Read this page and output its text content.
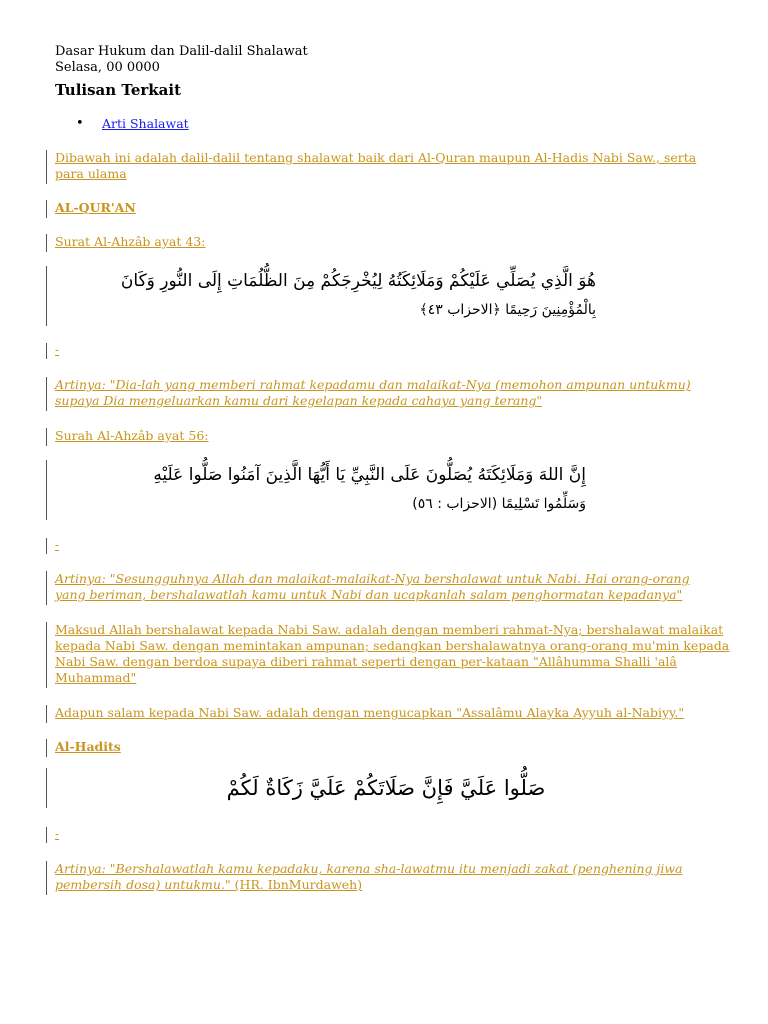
Dasar Hukum dan Dalil-dalil Shalawat
Selasa, 00 0000
Tulisan Terkait
• Arti Shalawat
Dibawah ini adalah dalil-dalil tentang shalawat baik dari Al-Quran maupun Al-Hadis Nabi Saw., serta
para ulama
AL-QUR'AN
Surat Al-Ahzâb ayat 43:
هُوَ الَّذِي يُصَلِّي عَلَيْكُمْ وَمَلَائِكَتُهُ لِيُخْرِجَكُمْ مِنَ الظُّلُمَاتِ إِلَى النُّورِ وَكَانَ
بِالْمُؤْمِنِينَ رَحِيمًا ﴿الاحزاب ٤٣﴾
-
Artinya: "Dia-lah yang memberi rahmat kepadamu dan malaikat-Nya (memohon ampunan untukmu)
supaya Dia mengeluarkan kamu dari kegelapan kepada cahaya yang terang"
Surah Al-Ahzâb ayat 56:
إِنَّ اللهَ وَمَلَائِكَتَهُ يُصَلُّونَ عَلَى النَّبِيِّ يَا أَيُّهَا الَّذِينَ آمَنُوا صَلُّوا عَلَيْهِ
وَسَلِّمُوا تَسْلِيمًا (الاحزاب : ٥٦)
-
Artinya: "Sesungguhnya Allah dan malaikat-malaikat-Nya bershalawat untuk Nabi. Hai orang-orang
yang beriman, bershalawatlah kamu untuk Nabi dan ucapkanlah salam penghormatan kepadanya"
Maksud Allah bershalawat kepada Nabi Saw. adalah dengan memberi rahmat-Nya; bershalawat malaikat
kepada Nabi Saw. dengan memintakan ampunan; sedangkan bershalawatnya orang-orang mu'min kepada
Nabi Saw. dengan berdoa supaya diberi rahmat seperti dengan per-kataan "Allâhumma Shalli 'alâ
Muhammad"
Adapun salam kepada Nabi Saw. adalah dengan mengucapkan "Assalâmu Alayka Ayyuh al-Nabiyy."
Al-Hadits
صَلُّوا عَلَيَّ فَإِنَّ صَلَاتَكُمْ عَلَيَّ زَكَاةٌ لَكُمْ
-
Artinya: "Bershalawatlah kamu kepadaku, karena sha-lawatmu itu menjadi zakat (penghening jiwa
pembersih dosa) untukmu." (HR. IbnMurdaweh)
